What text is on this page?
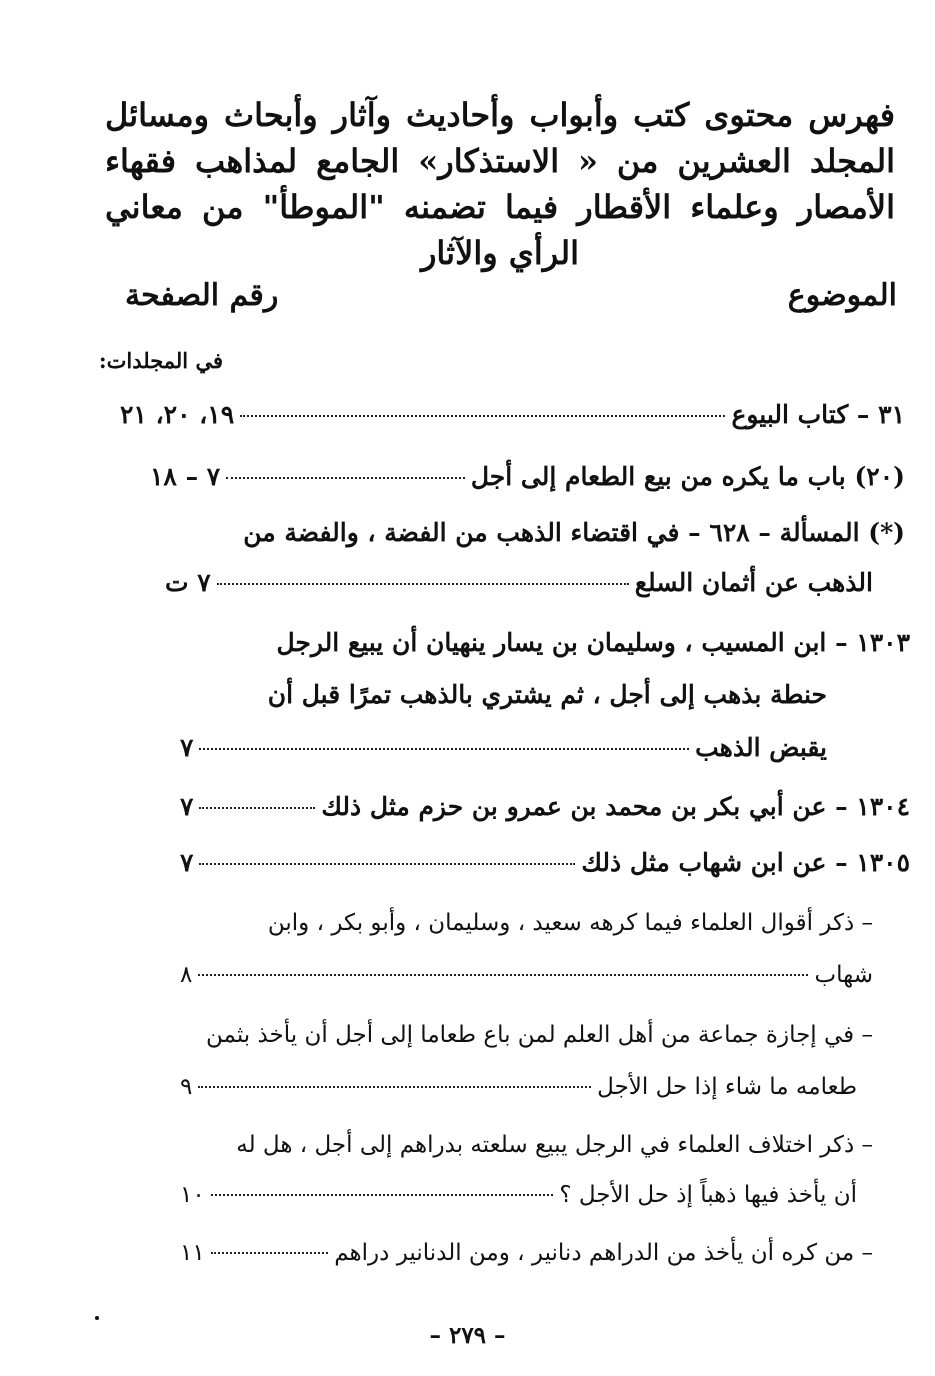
فهرس محتوى كتب وأبواب وأحاديث وآثار وأبحاث ومسائل المجلد العشرين من « الاستذكار» الجامع لمذاهب فقهاء الأمصار وعلماء الأقطار فيما تضمنه "الموطأ" من معاني الرأي والآثار
الموضوع
رقم الصفحة
في المجلدات:
٣١ – كتاب البيوع
١٩، ٢٠، ٢١
(٢٠) باب ما يكره من بيع الطعام إلى أجل
٧ – ١٨
(*) المسألة – ٦٢٨ – في اقتضاء الذهب من الفضة ، والفضة من
الذهب عن أثمان السلع
٧ ت
١٣٠٣ – ابن المسيب ، وسليمان بن يسار ينهيان أن يبيع الرجل
حنطة بذهب إلى أجل ، ثم يشتري بالذهب تمرًا قبل أن
يقبض الذهب
٧
١٣٠٤ – عن أبي بكر بن محمد بن عمرو بن حزم مثل ذلك
٧
١٣٠٥ – عن ابن شهاب مثل ذلك
٧
– ذكر أقوال العلماء فيما كرهه سعيد ، وسليمان ، وأبو بكر ، وابن
شهاب
٨
– في إجازة جماعة من أهل العلم لمن باع طعاما إلى أجل أن يأخذ بثمن
طعامه ما شاء إذا حل الأجل
٩
– ذكر اختلاف العلماء في الرجل يبيع سلعته بدراهم إلى أجل ، هل له
أن يأخذ فيها ذهباً إذ حل الأجل ؟
١٠
– من كره أن يأخذ من الدراهم دنانير ، ومن الدنانير دراهم
١١
– ٢٧٩ –
